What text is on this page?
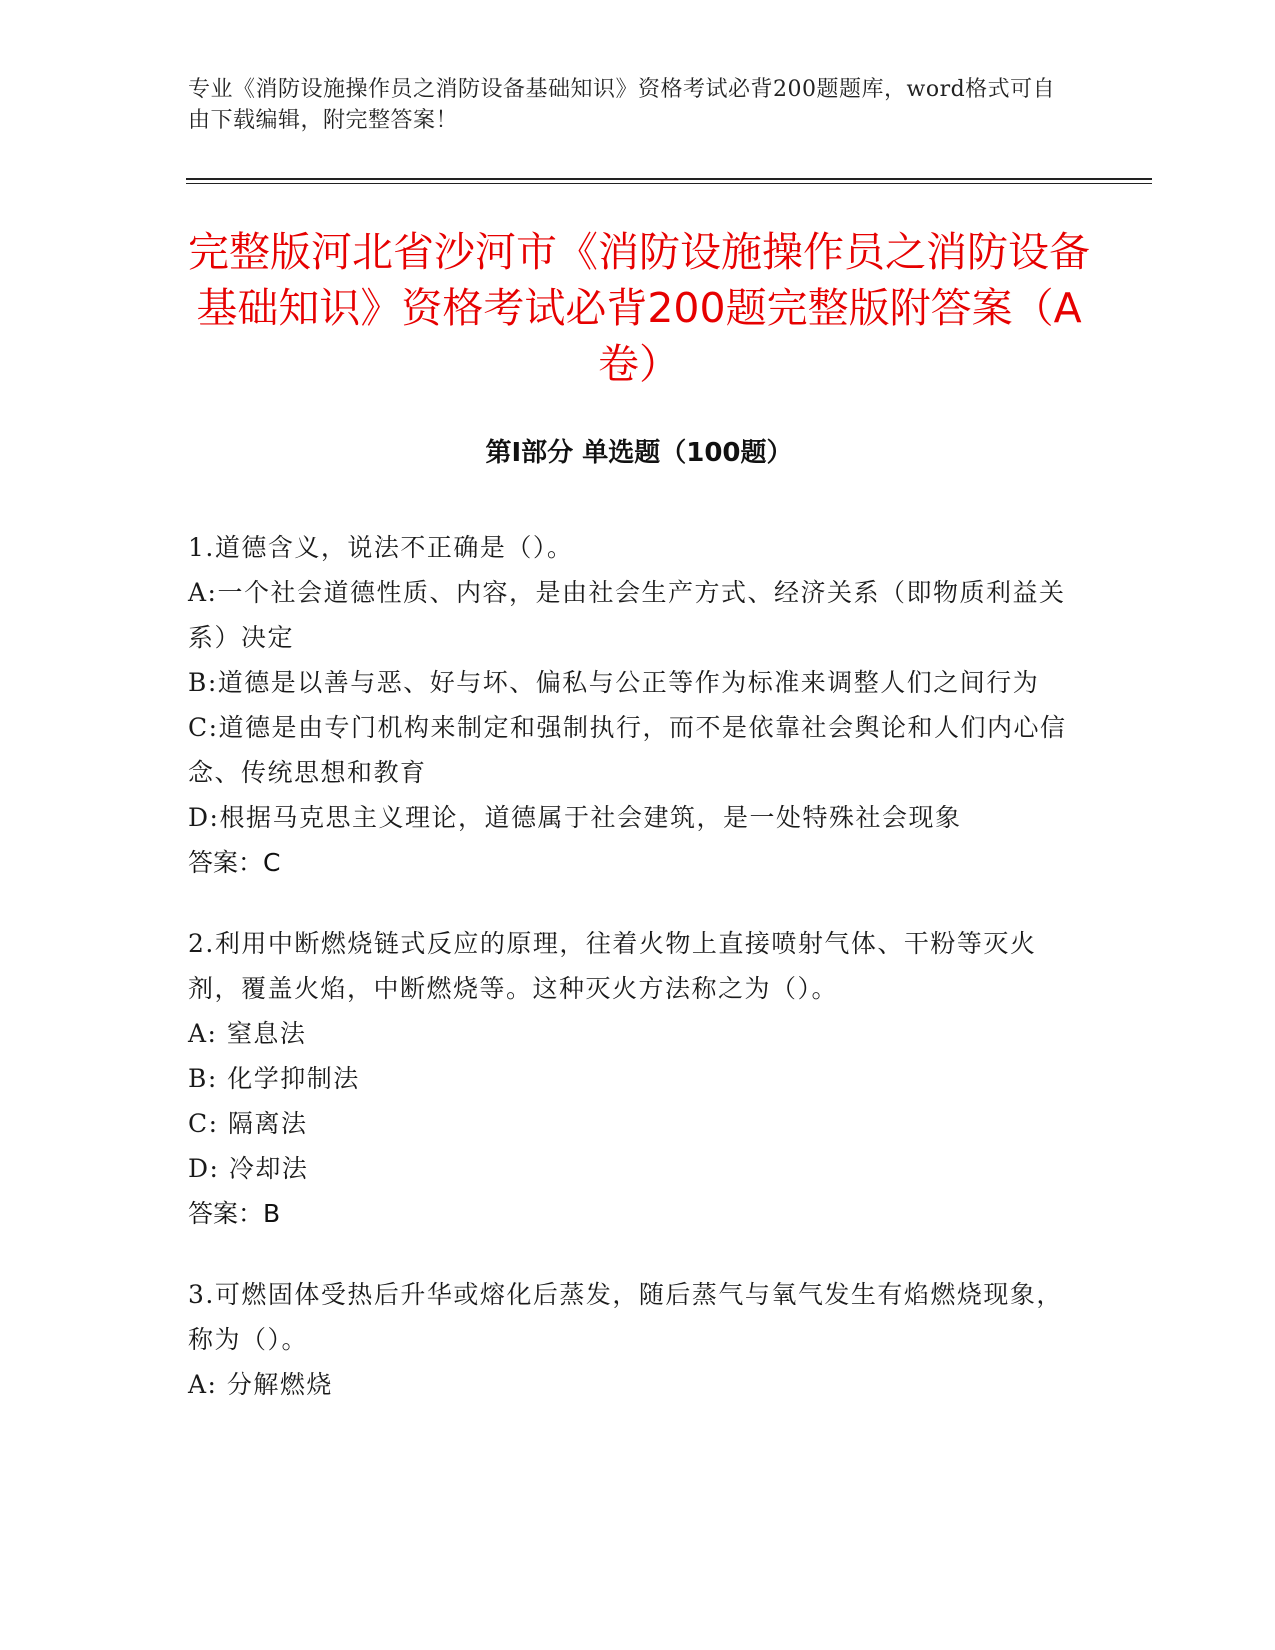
专业《消防设施操作员之消防设备基础知识》资格考试必背200题题库，word格式可自由下载编辑，附完整答案！
完整版河北省沙河市《消防设施操作员之消防设备基础知识》资格考试必背200题完整版附答案（A卷）
第I部分 单选题（100题）

1.道德含义，说法不正确是（）。

A:一个社会道德性质、内容，是由社会生产方式、经济关系（即物质利益关系）决定

B:道德是以善与恶、好与坏、偏私与公正等作为标准来调整人们之间行为

C:道德是由专门机构来制定和强制执行，而不是依靠社会舆论和人们内心信念、传统思想和教育

D:根据马克思主义理论，道德属于社会建筑，是一处特殊社会现象

答案：C

2.利用中断燃烧链式反应的原理，往着火物上直接喷射气体、干粉等灭火剂，覆盖火焰，中断燃烧等。这种灭火方法称之为（）。

A: 窒息法

B: 化学抑制法

C: 隔离法

D: 冷却法

答案：B

3.可燃固体受热后升华或熔化后蒸发，随后蒸气与氧气发生有焰燃烧现象，称为（）。

A: 分解燃烧
